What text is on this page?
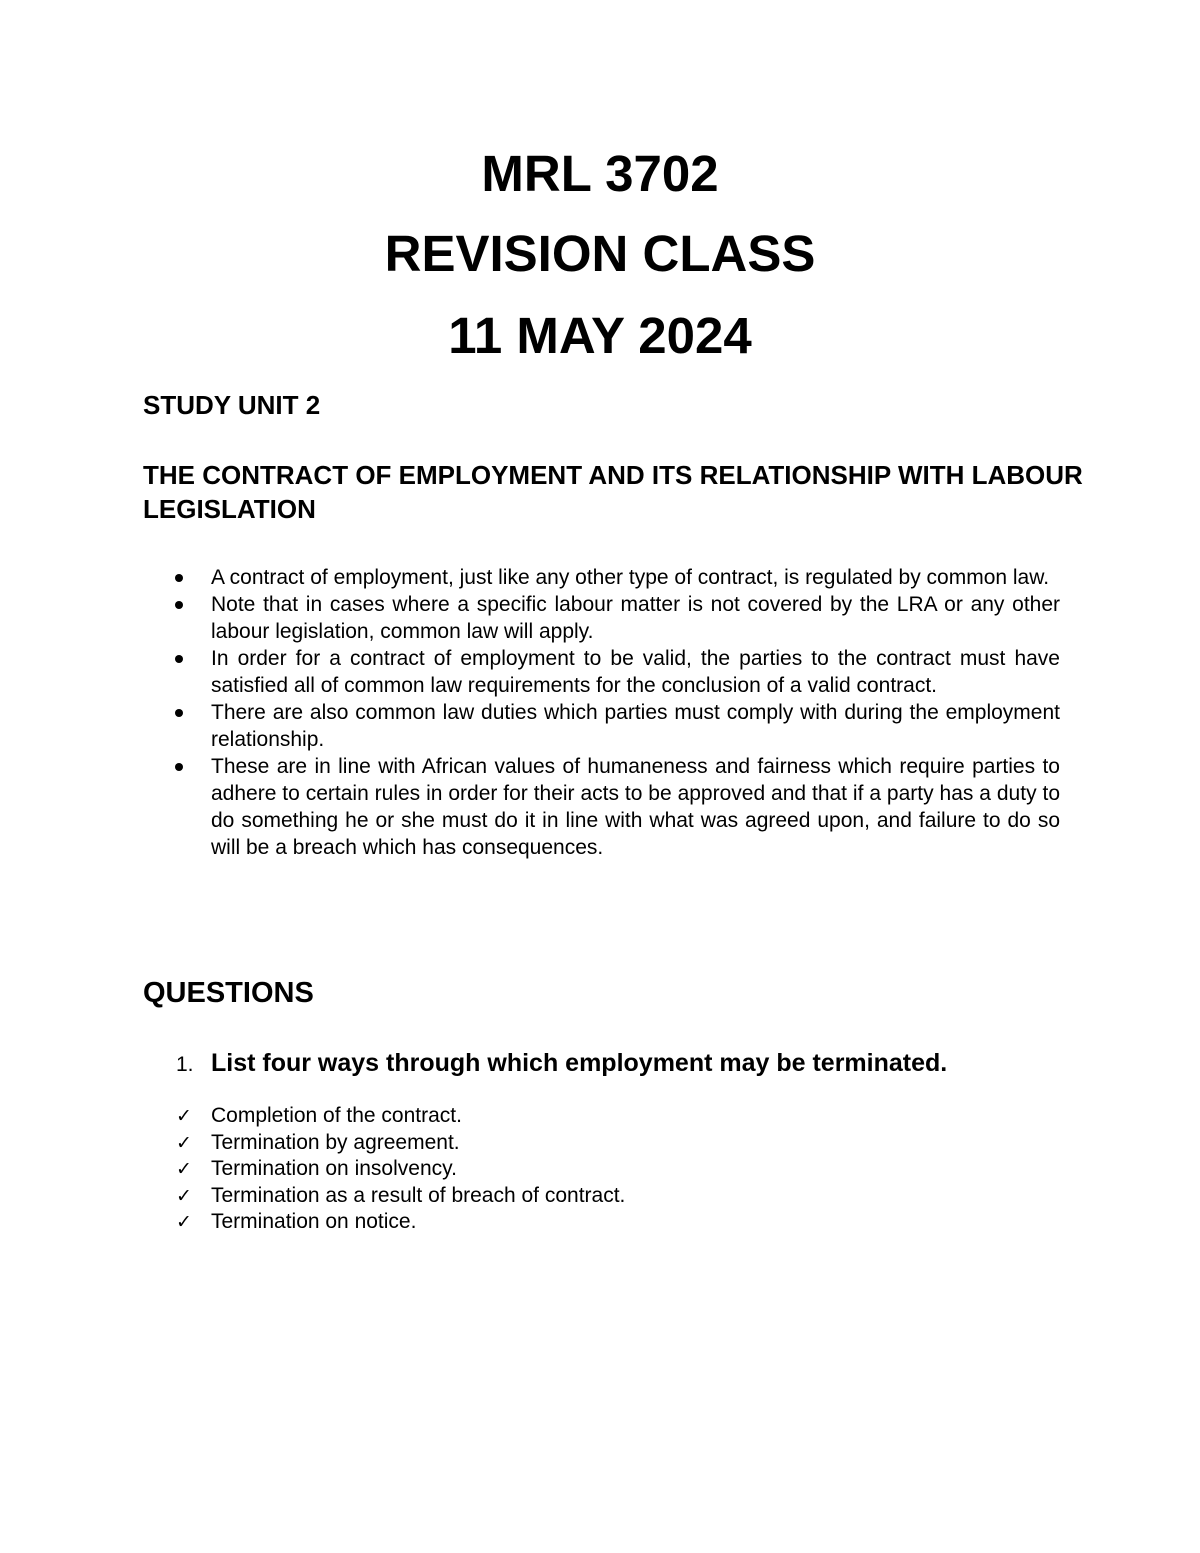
MRL 3702
REVISION CLASS
11 MAY 2024
STUDY UNIT 2
THE CONTRACT OF EMPLOYMENT AND ITS RELATIONSHIP WITH LABOUR LEGISLATION
A contract of employment, just like any other type of contract, is regulated by common law.
Note that in cases where a specific labour matter is not covered by the LRA or any other labour legislation, common law will apply.
In order for a contract of employment to be valid, the parties to the contract must have satisfied all of common law requirements for the conclusion of a valid contract.
There are also common law duties which parties must comply with during the employment relationship.
These are in line with African values of humaneness and fairness which require parties to adhere to certain rules in order for their acts to be approved and that if a party has a duty to do something he or she must do it in line with what was agreed upon, and failure to do so will be a breach which has consequences.
QUESTIONS

1. List four ways through which employment may be terminated.

✓ Completion of the contract.
✓ Termination by agreement.
✓ Termination on insolvency.
✓ Termination as a result of breach of contract.
✓ Termination on notice.
